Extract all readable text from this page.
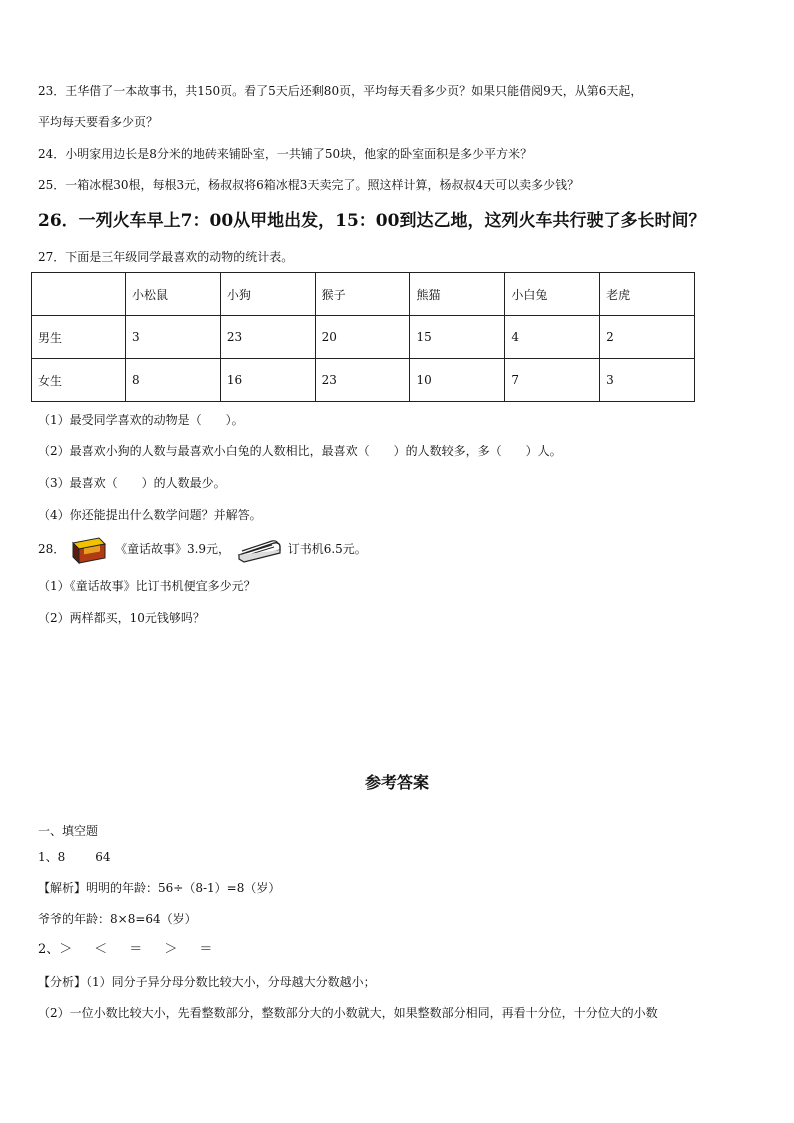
23．王华借了一本故事书，共150页。看了5天后还剩80页，平均每天看多少页？如果只能借阅9天，从第6天起，
平均每天要看多少页？
24．小明家用边长是8分米的地砖来铺卧室，一共铺了50块，他家的卧室面积是多少平方米？
25．一箱冰棍30根，每根3元，杨叔叔将6箱冰棍3天卖完了。照这样计算，杨叔叔4天可以卖多少钱？
26．一列火车早上7：00从甲地出发，15：00到达乙地，这列火车共行驶了多长时间？
27．下面是三年级同学最喜欢的动物的统计表。
	小松鼠	小狗	猴子	熊猫	小白兔	老虎
男生	3	23	20	15	4	2
女生	8	16	23	10	7	3
（1）最受同学喜欢的动物是（　　）。
（2）最喜欢小狗的人数与最喜欢小白兔的人数相比，最喜欢（　　）的人数较多，多（　　）人。
（3）最喜欢（　　）的人数最少。
（4）你还能提出什么数学问题？并解答。
28．	《童话故事》3.9元，	订书机6.5元。
（1）《童话故事》比订书机便宜多少元？
（2）两样都买，10元钱够吗？
参考答案
一、填空题
1、8	64
【解析】明明的年龄：56÷（8-1）=8（岁）
爷爷的年龄：8×8=64（岁）
2、＞ ＜ ＝ ＞ ＝
【分析】（1）同分子异分母分数比较大小，分母越大分数越小；
（2）一位小数比较大小，先看整数部分，整数部分大的小数就大，如果整数部分相同，再看十分位，十分位大的小数
